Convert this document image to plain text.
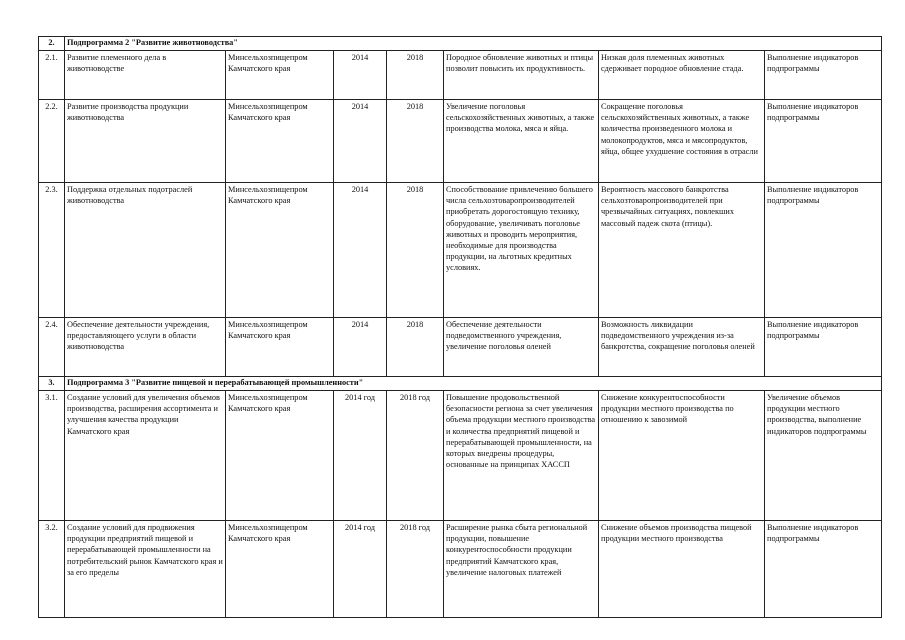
2.	Подпрограмма 2 "Развитие животноводства"						
2.1.	Развитие племенного дела в животноводстве	Минсельхозпищепром Камчатского края	2014	2018	Породное обновление животных и птицы позволит повысить их продуктивность.	Низкая доля племенных животных сдерживает породное обновление стада.	Выполнение индикаторов подпрограммы
2.2.	Развитие производства продукции животноводства	Минсельхозпищепром Камчатского края	2014	2018	Увеличение поголовья сельскохозяйственных животных, а также производства молока, мяса и яйца.	Сокращение поголовья сельскохозяйственных животных, а также количества произведенного молока и молокопродуктов, мяса и мясопродуктов, яйца, общее ухудшение состояния в отрасли	Выполнение индикаторов подпрограммы
2.3.	Поддержка отдельных подотраслей животноводства	Минсельхозпищепром Камчатского края	2014	2018	Способствование привлечению большего числа сельхозтоваропроизводителей приобретать дорогостоящую технику, оборудование, увеличивать поголовье животных и проводить мероприятия, необходимые для производства продукции, на льготных кредитных условиях.	Вероятность массового банкротства сельхозтоваропроизводителей при чрезвычайных ситуациях, повлекших массовый падеж скота (птицы).	Выполнение индикаторов подпрограммы
2.4.	Обеспечение деятельности учреждения, предоставляющего услуги в области животноводства	Минсельхозпищепром Камчатского края	2014	2018	Обеспечение деятельности подведомственного учреждения, увеличение поголовья оленей	Возможность ликвидации подведомственного учреждения из-за банкротства, сокращение поголовья оленей	Выполнение индикаторов подпрограммы
3.	Подпрограмма 3 "Развитие пищевой и перерабатывающей промышленности"						
3.1.	Создание условий для увеличения объемов производства, расширения ассортимента и улучшения качества продукции Камчатского края	Минсельхозпищепром Камчатского края	2014 год	2018 год	Повышение продовольственной безопасности региона за счет увеличения объема продукции местного производства и количества предприятий пищевой и перерабатывающей промышленности, на которых внедрены процедуры, основанные на принципах ХАССП	Снижение конкурентоспособности продукции местного производства по отношению к завозимой	Увеличение объемов продукции местного производства, выполнение индикаторов подпрограммы
3.2.	Создание условий для продвижения продукции предприятий пищевой и перерабатывающей промышленности на потребительский рынок Камчатского края и за его пределы	Минсельхозпищепром Камчатского края	2014 год	2018 год	Расширение рынка сбыта региональной продукции, повышение конкурентоспособности продукции предприятий Камчатского края, увеличение налоговых платежей	Снижение объемов производства пищевой продукции местного производства	Выполнение индикаторов подпрограммы
